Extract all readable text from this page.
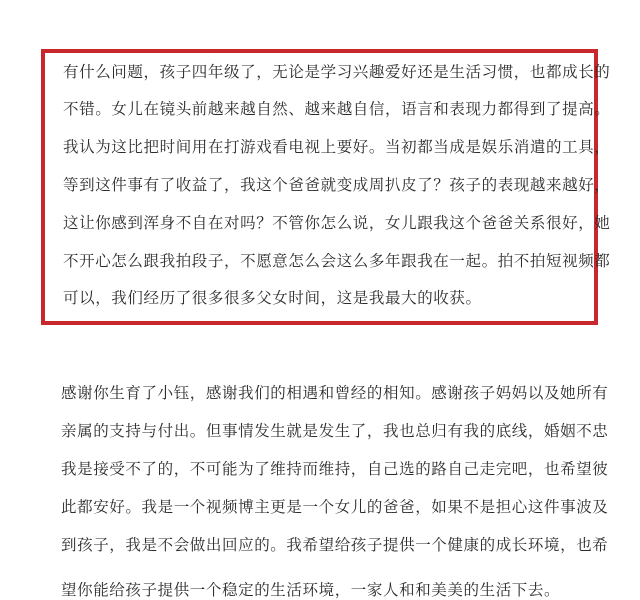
有什么问题，孩子四年级了，无论是学习兴趣爱好还是生活习惯，也都成长的
不错。女儿在镜头前越来越自然、越来越自信，语言和表现力都得到了提高。
我认为这比把时间用在打游戏看电视上要好。当初都当成是娱乐消遣的工具，
等到这件事有了收益了，我这个爸爸就变成周扒皮了？孩子的表现越来越好，
这让你感到浑身不自在对吗？不管你怎么说，女儿跟我这个爸爸关系很好，她
不开心怎么跟我拍段子，不愿意怎么会这么多年跟我在一起。拍不拍短视频都
可以，我们经历了很多很多父女时间，这是我最大的收获。
感谢你生育了小钰，感谢我们的相遇和曾经的相知。感谢孩子妈妈以及她所有
亲属的支持与付出。但事情发生就是发生了，我也总归有我的底线，婚姻不忠
我是接受不了的，不可能为了维持而维持，自己选的路自己走完吧，也希望彼
此都安好。我是一个视频博主更是一个女儿的爸爸，如果不是担心这件事波及
到孩子，我是不会做出回应的。我希望给孩子提供一个健康的成长环境，也希
望你能给孩子提供一个稳定的生活环境，一家人和和美美的生活下去。
